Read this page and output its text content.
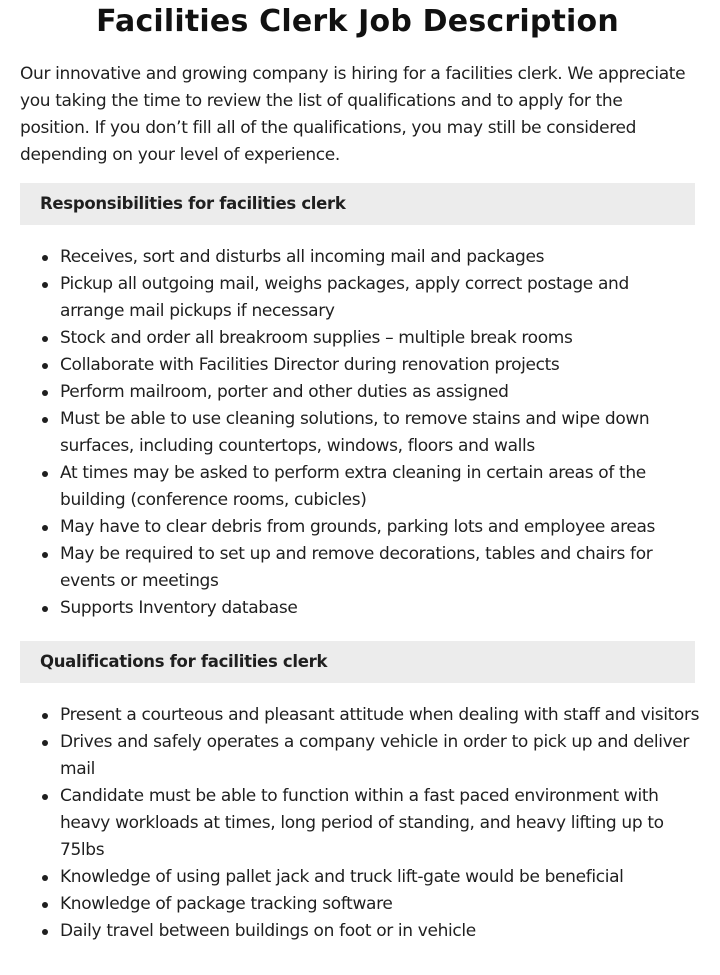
Facilities Clerk Job Description

Our innovative and growing company is hiring for a facilities clerk. We appreciate you taking the time to review the list of qualifications and to apply for the position. If you don’t fill all of the qualifications, you may still be considered depending on your level of experience.

Responsibilities for facilities clerk
Receives, sort and disturbs all incoming mail and packages
Pickup all outgoing mail, weighs packages, apply correct postage and
arrange mail pickups if necessary
Stock and order all breakroom supplies – multiple break rooms
Collaborate with Facilities Director during renovation projects
Perform mailroom, porter and other duties as assigned
Must be able to use cleaning solutions, to remove stains and wipe down
surfaces, including countertops, windows, floors and walls
At times may be asked to perform extra cleaning in certain areas of the
building (conference rooms, cubicles)
May have to clear debris from grounds, parking lots and employee areas
May be required to set up and remove decorations, tables and chairs for
events or meetings
Supports Inventory database
Qualifications for facilities clerk
Present a courteous and pleasant attitude when dealing with staff and visitors
Drives and safely operates a company vehicle in order to pick up and deliver
mail
Candidate must be able to function within a fast paced environment with
heavy workloads at times, long period of standing, and heavy lifting up to
75lbs
Knowledge of using pallet jack and truck lift-gate would be beneficial
Knowledge of package tracking software
Daily travel between buildings on foot or in vehicle
